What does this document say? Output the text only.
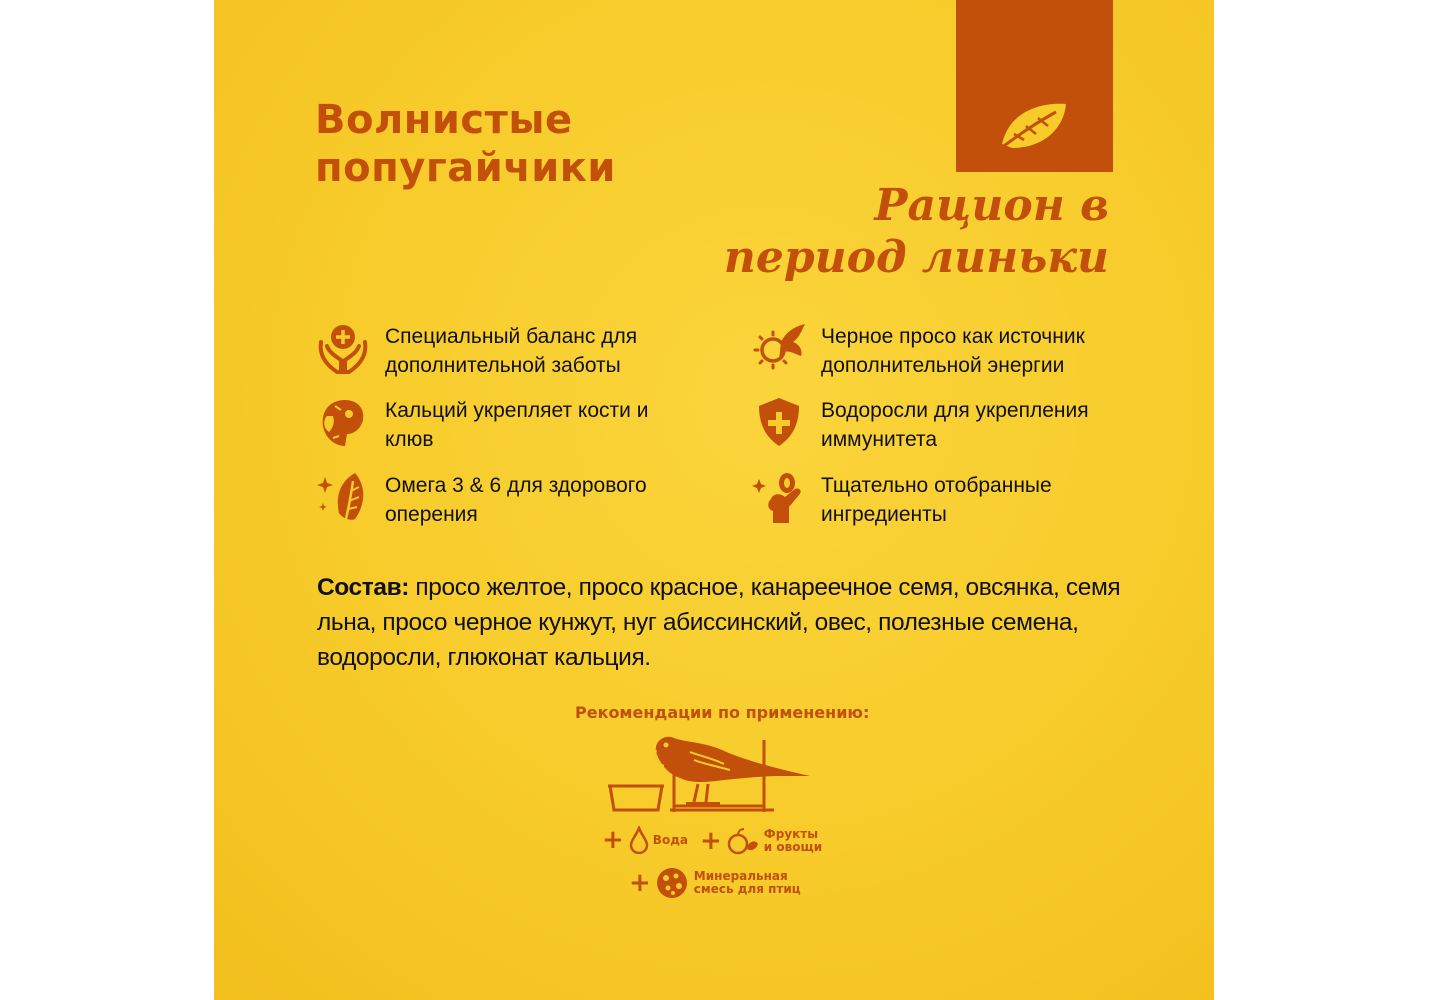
Волнистые
попугайчики
Рацион в
период линьки
Специальный баланс для
дополнительной заботы
Черное просо как источник
дополнительной энергии
Кальций укрепляет кости и
клюв
Водоросли для укрепления
иммунитета
Омега 3 & 6 для здорового
оперения
Тщательно отобранные
ингредиенты

Состав: просо желтое, просо красное, канареечное семя, овсянка, семя льна, просо черное кунжут, нуг абиссинский, овес, полезные семена, водоросли, глюконат кальция.

Рекомендации по применению:

+ Вода +	Фрукты
и овощи
+	Минеральная
смесь для птиц
